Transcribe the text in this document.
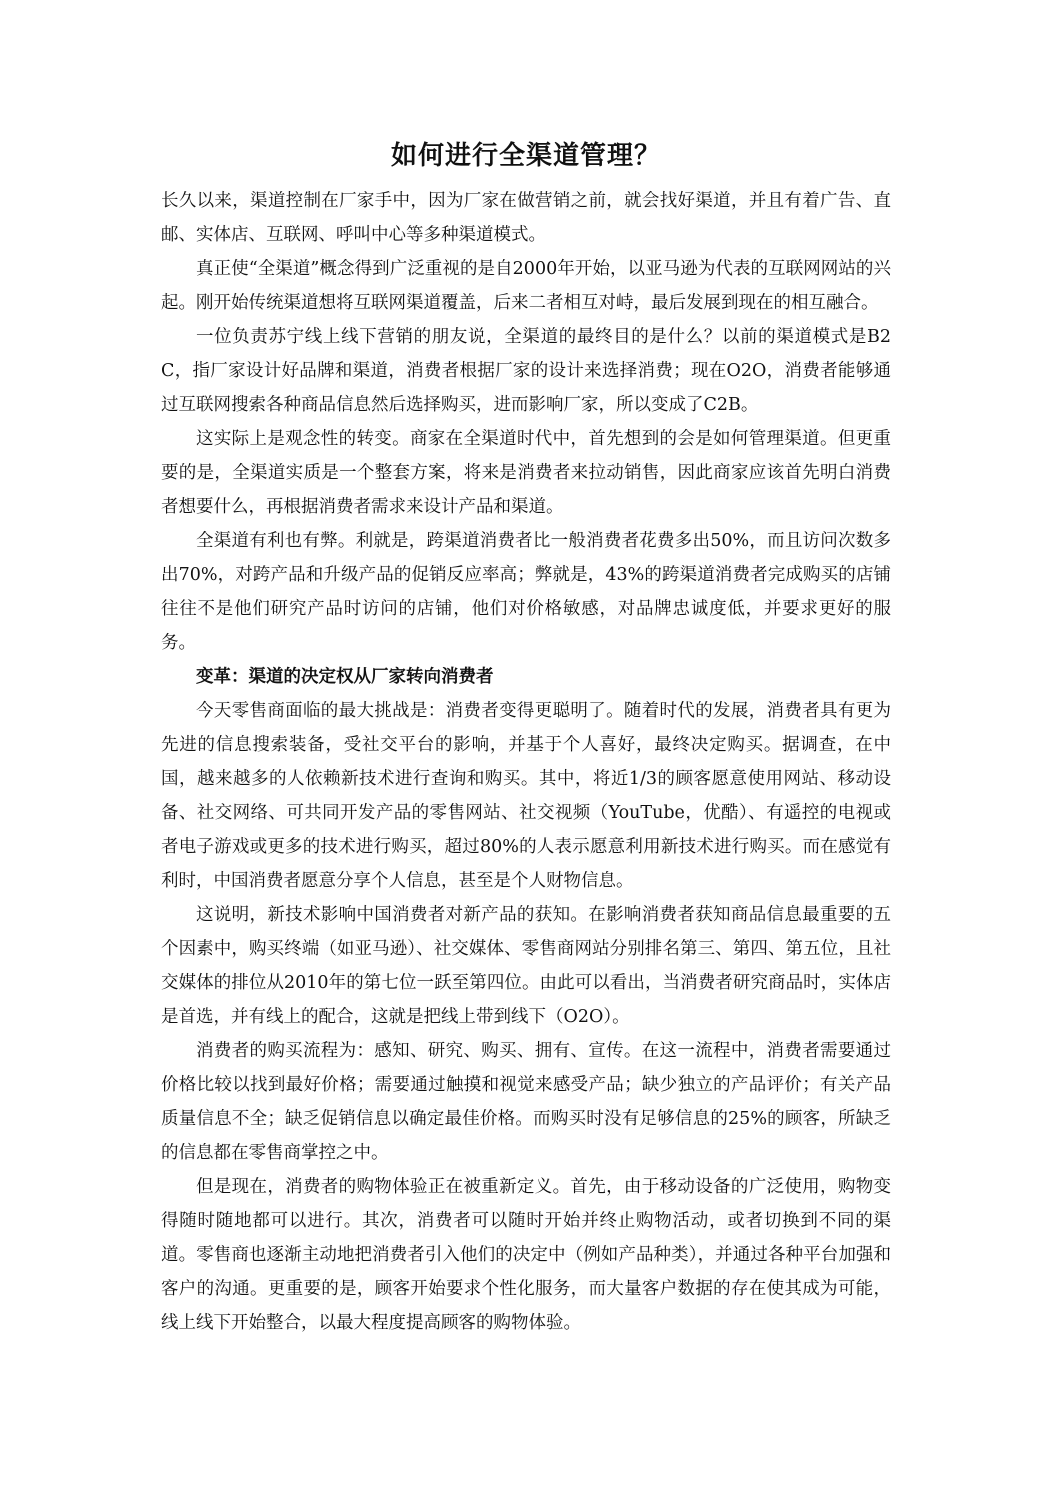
如何进行全渠道管理？

长久以来，渠道控制在厂家手中，因为厂家在做营销之前，就会找好渠道，并且有着广告、直邮、实体店、互联网、呼叫中心等多种渠道模式。

真正使“全渠道”概念得到广泛重视的是自2000年开始，以亚马逊为代表的互联网网站的兴起。刚开始传统渠道想将互联网渠道覆盖，后来二者相互对峙，最后发展到现在的相互融合。

一位负责苏宁线上线下营销的朋友说，全渠道的最终目的是什么？以前的渠道模式是B2C，指厂家设计好品牌和渠道，消费者根据厂家的设计来选择消费；现在O2O，消费者能够通过互联网搜索各种商品信息然后选择购买，进而影响厂家，所以变成了C2B。

这实际上是观念性的转变。商家在全渠道时代中，首先想到的会是如何管理渠道。但更重要的是，全渠道实质是一个整套方案，将来是消费者来拉动销售，因此商家应该首先明白消费者想要什么，再根据消费者需求来设计产品和渠道。

全渠道有利也有弊。利就是，跨渠道消费者比一般消费者花费多出50%，而且访问次数多出70%，对跨产品和升级产品的促销反应率高；弊就是，43%的跨渠道消费者完成购买的店铺往往不是他们研究产品时访问的店铺，他们对价格敏感，对品牌忠诚度低，并要求更好的服务。

变革：渠道的决定权从厂家转向消费者

今天零售商面临的最大挑战是：消费者变得更聪明了。随着时代的发展，消费者具有更为先进的信息搜索装备，受社交平台的影响，并基于个人喜好，最终决定购买。据调查，在中国，越来越多的人依赖新技术进行查询和购买。其中，将近1/3的顾客愿意使用网站、移动设备、社交网络、可共同开发产品的零售网站、社交视频（YouTube，优酷）、有遥控的电视或者电子游戏或更多的技术进行购买，超过80%的人表示愿意利用新技术进行购买。而在感觉有利时，中国消费者愿意分享个人信息，甚至是个人财物信息。

这说明，新技术影响中国消费者对新产品的获知。在影响消费者获知商品信息最重要的五个因素中，购买终端（如亚马逊）、社交媒体、零售商网站分别排名第三、第四、第五位，且社交媒体的排位从2010年的第七位一跃至第四位。由此可以看出，当消费者研究商品时，实体店是首选，并有线上的配合，这就是把线上带到线下（O2O）。

消费者的购买流程为：感知、研究、购买、拥有、宣传。在这一流程中，消费者需要通过价格比较以找到最好价格；需要通过触摸和视觉来感受产品；缺少独立的产品评价；有关产品质量信息不全；缺乏促销信息以确定最佳价格。而购买时没有足够信息的25%的顾客，所缺乏的信息都在零售商掌控之中。

但是现在，消费者的购物体验正在被重新定义。首先，由于移动设备的广泛使用，购物变得随时随地都可以进行。其次，消费者可以随时开始并终止购物活动，或者切换到不同的渠道。零售商也逐渐主动地把消费者引入他们的决定中（例如产品种类），并通过各种平台加强和客户的沟通。更重要的是，顾客开始要求个性化服务，而大量客户数据的存在使其成为可能，线上线下开始整合，以最大程度提高顾客的购物体验。
